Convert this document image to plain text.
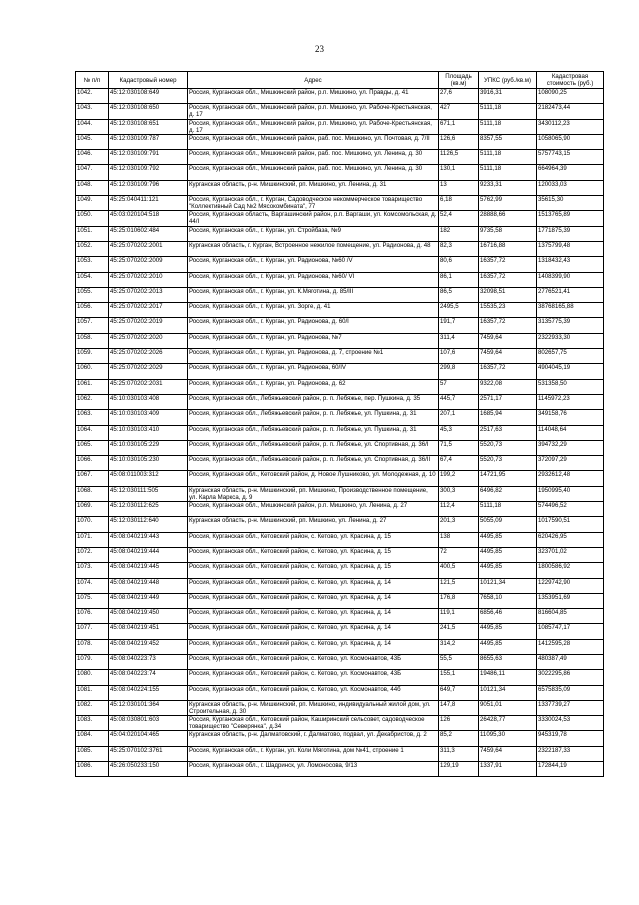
23
№ п/п	Кадастровый номер	Адрес	Площадь (кв.м)	УПКС (руб./кв.м)	Кадастровая стоимость (руб.)
1042.	45:12:030108:649	Россия, Курганская обл., Мишкинский район, р.п. Мишкино, ул. Правды, д. 41	27,6	3916,31	108090,25
1043.	45:12:030108:650	Россия, Курганская обл., Мишкинский район, р.п. Мишкино, ул. Рабоче-Крестьянская, д. 17	427	5111,18	2182473,44
1044.	45:12:030108:651	Россия, Курганская обл., Мишкинский район, р.п. Мишкино, ул. Рабоче-Крестьянская, д. 17	671,1	5111,18	3430112,23
1045.	45:12:030109:787	Россия, Курганская обл., Мишкинский район, раб. пос. Мишкино, ул. Почтовая, д. 7/II	126,6	8357,55	1058065,90
1046.	45:12:030109:791	Россия, Курганская обл., Мишкинский район, раб. пос. Мишкино, ул. Ленина, д. 30	1126,5	5111,18	5757743,15
1047.	45:12:030109:792	Россия, Курганская обл., Мишкинский район, раб. пос. Мишкино, ул. Ленина, д. 30	130,1	5111,18	664964,39
1048.	45:12:030109:796	Курганская область, р-н. Мишкинский, рп. Мишкино, ул. Ленина, д. 31	13	9233,31	120033,03
1049.	45:25:040411:121	Россия, Курганская обл., г. Курган, Садоводческое некоммерческое товарищество "Коллективный Сад №2 Мясокомбината", 77	6,18	5762,99	35615,30
1050.	45:03:020104:518	Россия, Курганская область, Варгашинский район, р.п. Варгаши, ул. Комсомольская, д. 44/I	52,4	28888,66	1513765,89
1051.	45:25:010602:484	Россия, Курганская обл., г. Курган, ул. Стройбаза, №9	182	9735,58	1771875,39
1052.	45:25:070202:2001	Курганская область, г. Курган, Встроенное нежилое помещение, ул. Радионова, д. 48	82,3	16716,88	1375799,48
1053.	45:25:070202:2009	Россия, Курганская обл., г. Курган, ул. Радионова, №60 /V	80,6	16357,72	1318432,43
1054.	45:25:070202:2010	Россия, Курганская обл., г. Курган, ул. Радионова, №60/ VI	86,1	16357,72	1408399,90
1055.	45:25:070202:2013	Россия, Курганская обл., г. Курган, ул. К.Мяготина, д. 85/III	86,5	32098,51	2776521,41
1056.	45:25:070202:2017	Россия, Курганская обл., г. Курган, ул. Зорге, д. 41	2495,5	15535,23	38768165,88
1057.	45:25:070202:2019	Россия, Курганская обл., г. Курган, ул. Радионова, д. 60/I	191,7	16357,72	3135775,39
1058.	45:25:070202:2020	Россия, Курганская обл., г. Курган, ул. Радионова, №7	311,4	7459,64	2322933,30
1059.	45:25:070202:2026	Россия, Курганская обл., г. Курган, ул. Радионова, д. 7, строение №1	107,6	7459,64	802657,75
1060.	45:25:070202:2029	Россия, Курганская обл., г. Курган, ул. Радионова, 60/IV	299,8	16357,72	4904045,19
1061.	45:25:070202:2031	Россия, Курганская обл., г. Курган, ул. Радионова, д. 62	57	9322,08	531358,50
1062.	45:10:030103:408	Россия, Курганская обл., Лебяжьевский район, р. п. Лебяжье, пер. Пушкина, д. 35	445,7	2571,17	1145972,23
1063.	45:10:030103:409	Россия, Курганская обл., Лебяжьевский район, р. п. Лебяжье, ул. Пушкина, д. 31	207,1	1685,94	349158,76
1064.	45:10:030103:410	Россия, Курганская обл., Лебяжьевский район, р. п. Лебяжье, ул. Пушкина, д. 31	45,3	2517,63	114048,64
1065.	45:10:030105:229	Россия, Курганская обл., Лебяжьевский район, р. п. Лебяжье, ул. Спортивная, д. 36/I	71,5	5520,73	394732,29
1066.	45:10:030105:230	Россия, Курганская обл., Лебяжьевский район, р. п. Лебяжье, ул. Спортивная, д. 36/II	67,4	5520,73	372097,29
1067.	45:08:011003:312	Россия, Курганская обл., Кетовский район, д. Новое Лушниково, ул. Молодежная, д. 10	199,2	14721,95	2932612,48
1068.	45:12:030111:505	Курганская область, р-н. Мишкинский, рп. Мишкино, Производственное помещение, ул. Карла Маркса, д. 9	300,3	6496,82	1950995,40
1069.	45:12:030112:625	Россия, Курганская обл., Мишкинский район, р.п. Мишкино, ул. Ленина, д. 27	112,4	5111,18	574496,52
1070.	45:12:030112:640	Курганская область, р-н. Мишкинский, рп. Мишкино, ул. Ленина, д. 27	201,3	5055,09	1017590,51
1071.	45:08:040219:443	Россия, Курганская обл., Кетовский район, с. Кетово, ул. Красина, д. 15	138	4495,85	620426,95
1072.	45:08:040219:444	Россия, Курганская обл., Кетовский район, с. Кетово, ул. Красина, д. 15	72	4495,85	323701,02
1073.	45:08:040219:445	Россия, Курганская обл., Кетовский район, с. Кетово, ул. Красина, д. 15	400,5	4495,85	1800586,92
1074.	45:08:040219:448	Россия, Курганская обл., Кетовский район, с. Кетово, ул. Красина, д. 14	121,5	10121,34	1229742,90
1075.	45:08:040219:449	Россия, Курганская обл., Кетовский район, с. Кетово, ул. Красина, д. 14	176,8	7658,10	1353951,69
1076.	45:08:040219:450	Россия, Курганская обл., Кетовский район, с. Кетово, ул. Красина, д. 14	119,1	6856,46	816604,85
1077.	45:08:040219:451	Россия, Курганская обл., Кетовский район, с. Кетово, ул. Красина, д. 14	241,5	4495,85	1085747,17
1078.	45:08:040219:452	Россия, Курганская обл., Кетовский район, с. Кетово, ул. Красина, д. 14	314,2	4495,85	1412595,28
1079.	45:08:040223:73	Россия, Курганская обл., Кетовский район, с. Кетово, ул. Космонавтов, 43Б	55,5	8655,63	480387,49
1080.	45:08:040223:74	Россия, Курганская обл., Кетовский район, с. Кетово, ул. Космонавтов, 43Б	155,1	19486,11	3022295,86
1081.	45:08:040224:155	Россия, Курганская обл., Кетовский район, с. Кетово, ул. Космонавтов, 44б	649,7	10121,34	6575835,09
1082.	45:12:030101:364	Курганская область, р-н. Мишкинский, рп. Мишкино, индивидуальный жилой дом, ул. Строительная, д. 30	147,8	9051,01	1337739,27
1083.	45:08:030801:603	Россия, Курганская обл., Кетовский район, Каширинский сельсовет, садоводческое товарищество "Северянка", д.34	126	26428,77	3330024,53
1084.	45:04:020104:465	Курганская область, р-н. Далматовский, г. Далматово, подвал, ул. Декабристов, д. 2	85,2	11095,30	945319,78
1085.	45:25:070102:3761	Россия, Курганская обл., г. Курган, ул. Коли Мяготина, дом №41, строение 1	311,3	7459,64	2322187,33
1086.	45:26:050233:150	Россия, Курганская обл., г. Шадринск, ул. Ломоносова, 9/13	129,19	1337,91	172844,19
